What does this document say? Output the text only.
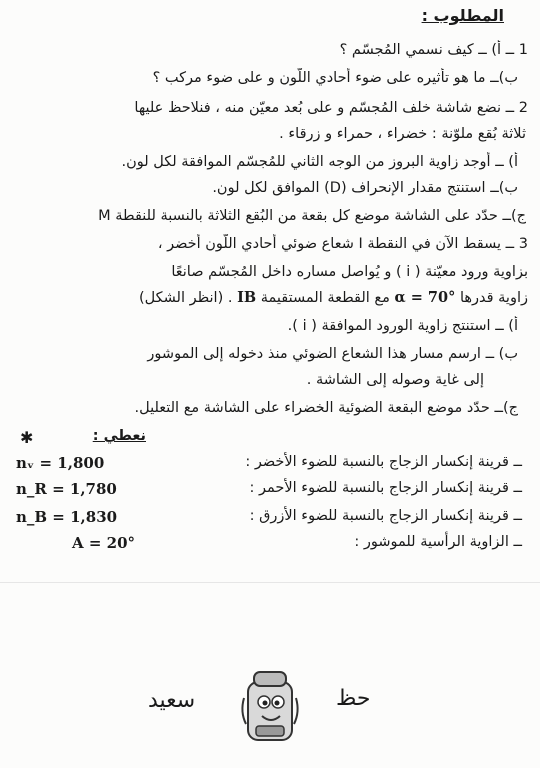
المطلوب :
1 ــ ﺃ) ــ كيف نسمي المُجسّم ؟
ب)ــ ما هو تأثيره على ضوء أحادي اللّون و على ضوء مركب ؟
2 ــ نضع شاشة خلف المُجسّم و على بُعد معيّن منه ، فنلاحظ عليها
ثلاثة بُقع ملوّنة : خضراء ، حمراء و زرقاء .
ﺃ) ــ أوجد زاوية البروز من الوجه الثاني للمُجسّم الموافقة لكل لون.
ب)ــ استنتج مقدار الإنحراف (D) الموافق لكل لون.
ج)ــ حدّد على الشاشة موضع كل بقعة من البُقع الثلاثة بالنسبة للنقطة M
3 ــ يسقط الآن في النقطة I شعاع ضوئي أحادي اللّون أخضر ،
بزاوية ورود معيّنة ( i ) و يُواصل مساره داخل المُجسّم صانعًا
زاوية قدرها α = 70° مع القطعة المستقيمة IB . (انظر الشكل)
ﺃ) ــ استنتج زاوية الورود الموافقة ( i ).
ب) ــ ارسم مسار هذا الشعاع الضوئي منذ دخوله إلى الموشور
إلى غاية وصوله إلى الشاشة .
ج)ــ حدّد موضع البقعة الضوئية الخضراء على الشاشة مع التعليل.
✱	نعطي :
ــ قرينة إنكسار الزجاج بالنسبة للضوء الأخضر :
nᵥ = 1,800
ــ قرينة إنكسار الزجاج بالنسبة للضوء الأحمر :
n_R = 1,780
ــ قرينة إنكسار الزجاج بالنسبة للضوء الأزرق :
n_B = 1,830
ــ الزاوية الرأسية للموشور :
A = 20°
حظ
سعيد
